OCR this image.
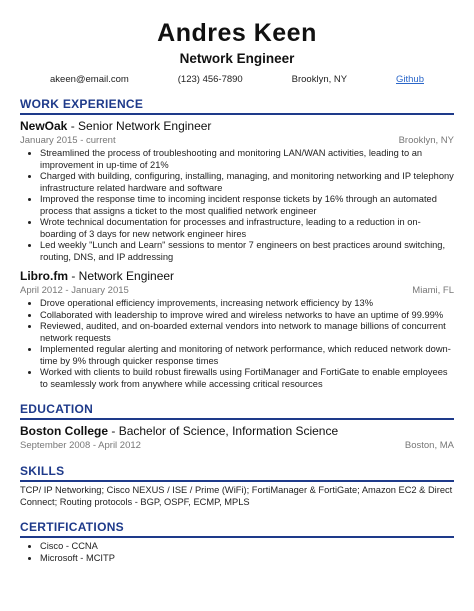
Andres Keen
Network Engineer
akeen@email.com	(123) 456-7890	Brooklyn, NY	Github
WORK EXPERIENCE
NewOak - Senior Network Engineer
January 2015 - current	Brooklyn, NY
• Streamlined the process of troubleshooting and monitoring LAN/WAN activities, leading to an improvement in up-time of 21%
• Charged with building, configuring, installing, managing, and monitoring networking and IP telephony infrastructure related hardware and software
• Improved the response time to incoming incident response tickets by 16% through an automated process that assigns a ticket to the most qualified network engineer
• Wrote technical documentation for processes and infrastructure, leading to a reduction in on-boarding of 3 days for new network engineer hires
• Led weekly "Lunch and Learn" sessions to mentor 7 engineers on best practices around switching, routing, DNS, and IP addressing
Libro.fm - Network Engineer
April 2012 - January 2015	Miami, FL
• Drove operational efficiency improvements, increasing network efficiency by 13%
• Collaborated with leadership to improve wired and wireless networks to have an uptime of 99.99%
• Reviewed, audited, and on-boarded external vendors into network to manage billions of concurrent network requests
• Implemented regular alerting and monitoring of network performance, which reduced network down-time by 9% through quicker response times
• Worked with clients to build robust firewalls using FortiManager and FortiGate to enable employees to seamlessly work from anywhere while accessing critical resources
EDUCATION
Boston College - Bachelor of Science, Information Science
September 2008 - April 2012	Boston, MA
SKILLS
TCP/ IP Networking; Cisco NEXUS / ISE / Prime (WiFi); FortiManager & FortiGate; Amazon EC2 & Direct Connect; Routing protocols - BGP, OSPF, ECMP, MPLS
CERTIFICATIONS
• Cisco - CCNA
• Microsoft - MCITP
